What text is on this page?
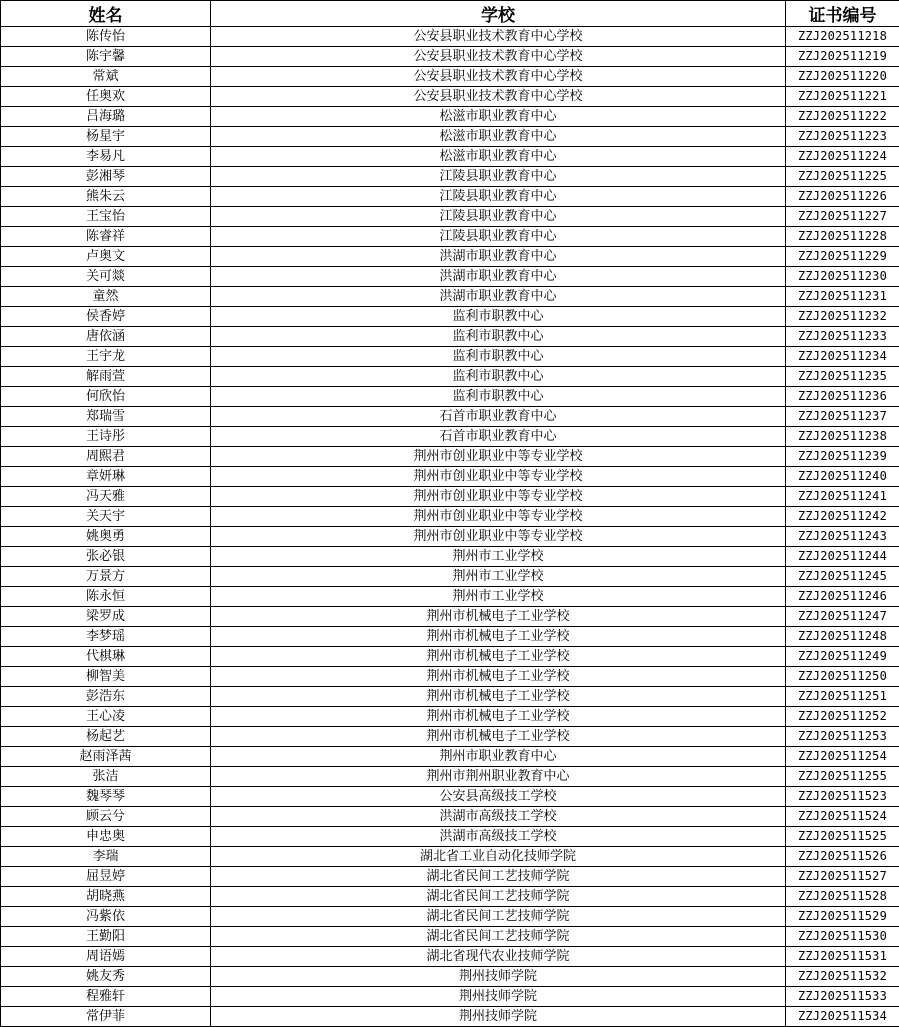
姓名	学校	证书编号
陈传怡	公安县职业技术教育中心学校	ZZJ202511218
陈宇馨	公安县职业技术教育中心学校	ZZJ202511219
常斌	公安县职业技术教育中心学校	ZZJ202511220
任奥欢	公安县职业技术教育中心学校	ZZJ202511221
吕海璐	松滋市职业教育中心	ZZJ202511222
杨星宇	松滋市职业教育中心	ZZJ202511223
李易凡	松滋市职业教育中心	ZZJ202511224
彭湘琴	江陵县职业教育中心	ZZJ202511225
熊朱云	江陵县职业教育中心	ZZJ202511226
王宝怡	江陵县职业教育中心	ZZJ202511227
陈睿祥	江陵县职业教育中心	ZZJ202511228
卢奥文	洪湖市职业教育中心	ZZJ202511229
关可燚	洪湖市职业教育中心	ZZJ202511230
童然	洪湖市职业教育中心	ZZJ202511231
侯香婷	监利市职教中心	ZZJ202511232
唐依涵	监利市职教中心	ZZJ202511233
王宇龙	监利市职教中心	ZZJ202511234
解雨萱	监利市职教中心	ZZJ202511235
何欣怡	监利市职教中心	ZZJ202511236
郑瑞雪	石首市职业教育中心	ZZJ202511237
王诗彤	石首市职业教育中心	ZZJ202511238
周熙君	荆州市创业职业中等专业学校	ZZJ202511239
章妍琳	荆州市创业职业中等专业学校	ZZJ202511240
冯天雅	荆州市创业职业中等专业学校	ZZJ202511241
关天宇	荆州市创业职业中等专业学校	ZZJ202511242
姚奥勇	荆州市创业职业中等专业学校	ZZJ202511243
张必银	荆州市工业学校	ZZJ202511244
万景方	荆州市工业学校	ZZJ202511245
陈永恒	荆州市工业学校	ZZJ202511246
梁罗成	荆州市机械电子工业学校	ZZJ202511247
李梦瑶	荆州市机械电子工业学校	ZZJ202511248
代棋琳	荆州市机械电子工业学校	ZZJ202511249
柳智美	荆州市机械电子工业学校	ZZJ202511250
彭浩东	荆州市机械电子工业学校	ZZJ202511251
王心凌	荆州市机械电子工业学校	ZZJ202511252
杨起艺	荆州市机械电子工业学校	ZZJ202511253
赵雨泽茜	荆州市职业教育中心	ZZJ202511254
张洁	荆州市荆州职业教育中心	ZZJ202511255
魏琴琴	公安县高级技工学校	ZZJ202511523
顾云兮	洪湖市高级技工学校	ZZJ202511524
申忠奥	洪湖市高级技工学校	ZZJ202511525
李瑞	湖北省工业自动化技师学院	ZZJ202511526
屈昱婷	湖北省民间工艺技师学院	ZZJ202511527
胡晓燕	湖北省民间工艺技师学院	ZZJ202511528
冯紫依	湖北省民间工艺技师学院	ZZJ202511529
王勤阳	湖北省民间工艺技师学院	ZZJ202511530
周语嫣	湖北省现代农业技师学院	ZZJ202511531
姚友秀	荆州技师学院	ZZJ202511532
程雅轩	荆州技师学院	ZZJ202511533
常伊菲	荆州技师学院	ZZJ202511534
